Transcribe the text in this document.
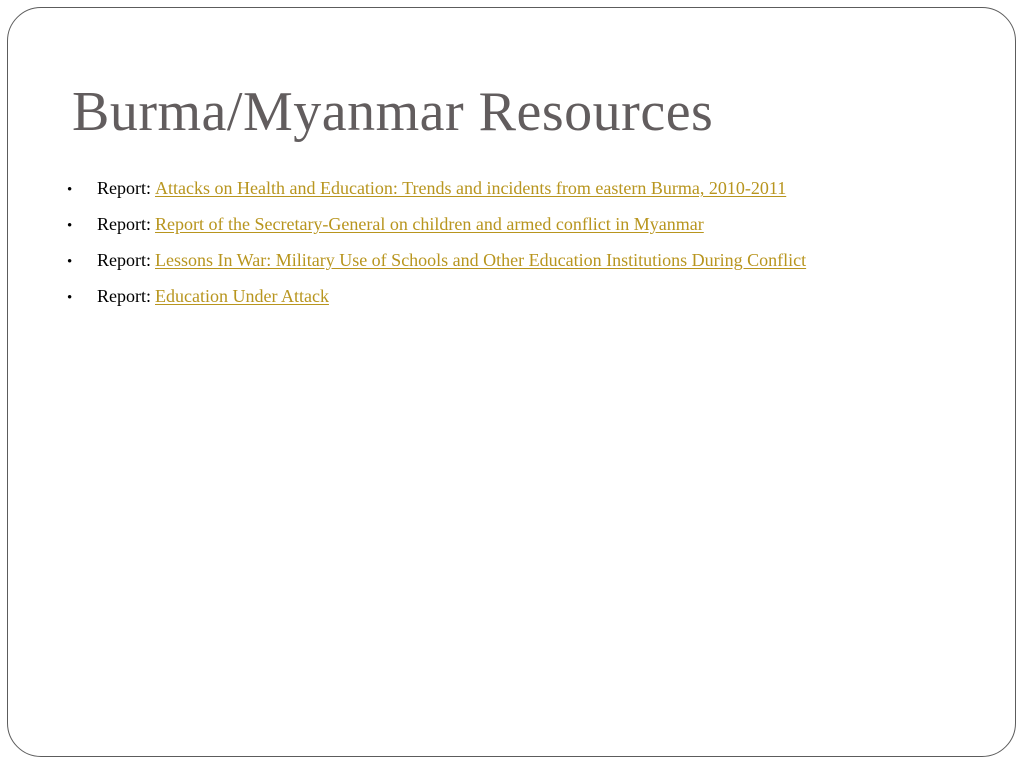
Burma/Myanmar Resources
•	Report: Attacks on Health and Education: Trends and incidents from eastern Burma, 2010-2011
•	Report: Report of the Secretary-General on children and armed conflict in Myanmar
•	Report: Lessons In War: Military Use of Schools and Other Education Institutions During Conflict
•	Report: Education Under Attack
